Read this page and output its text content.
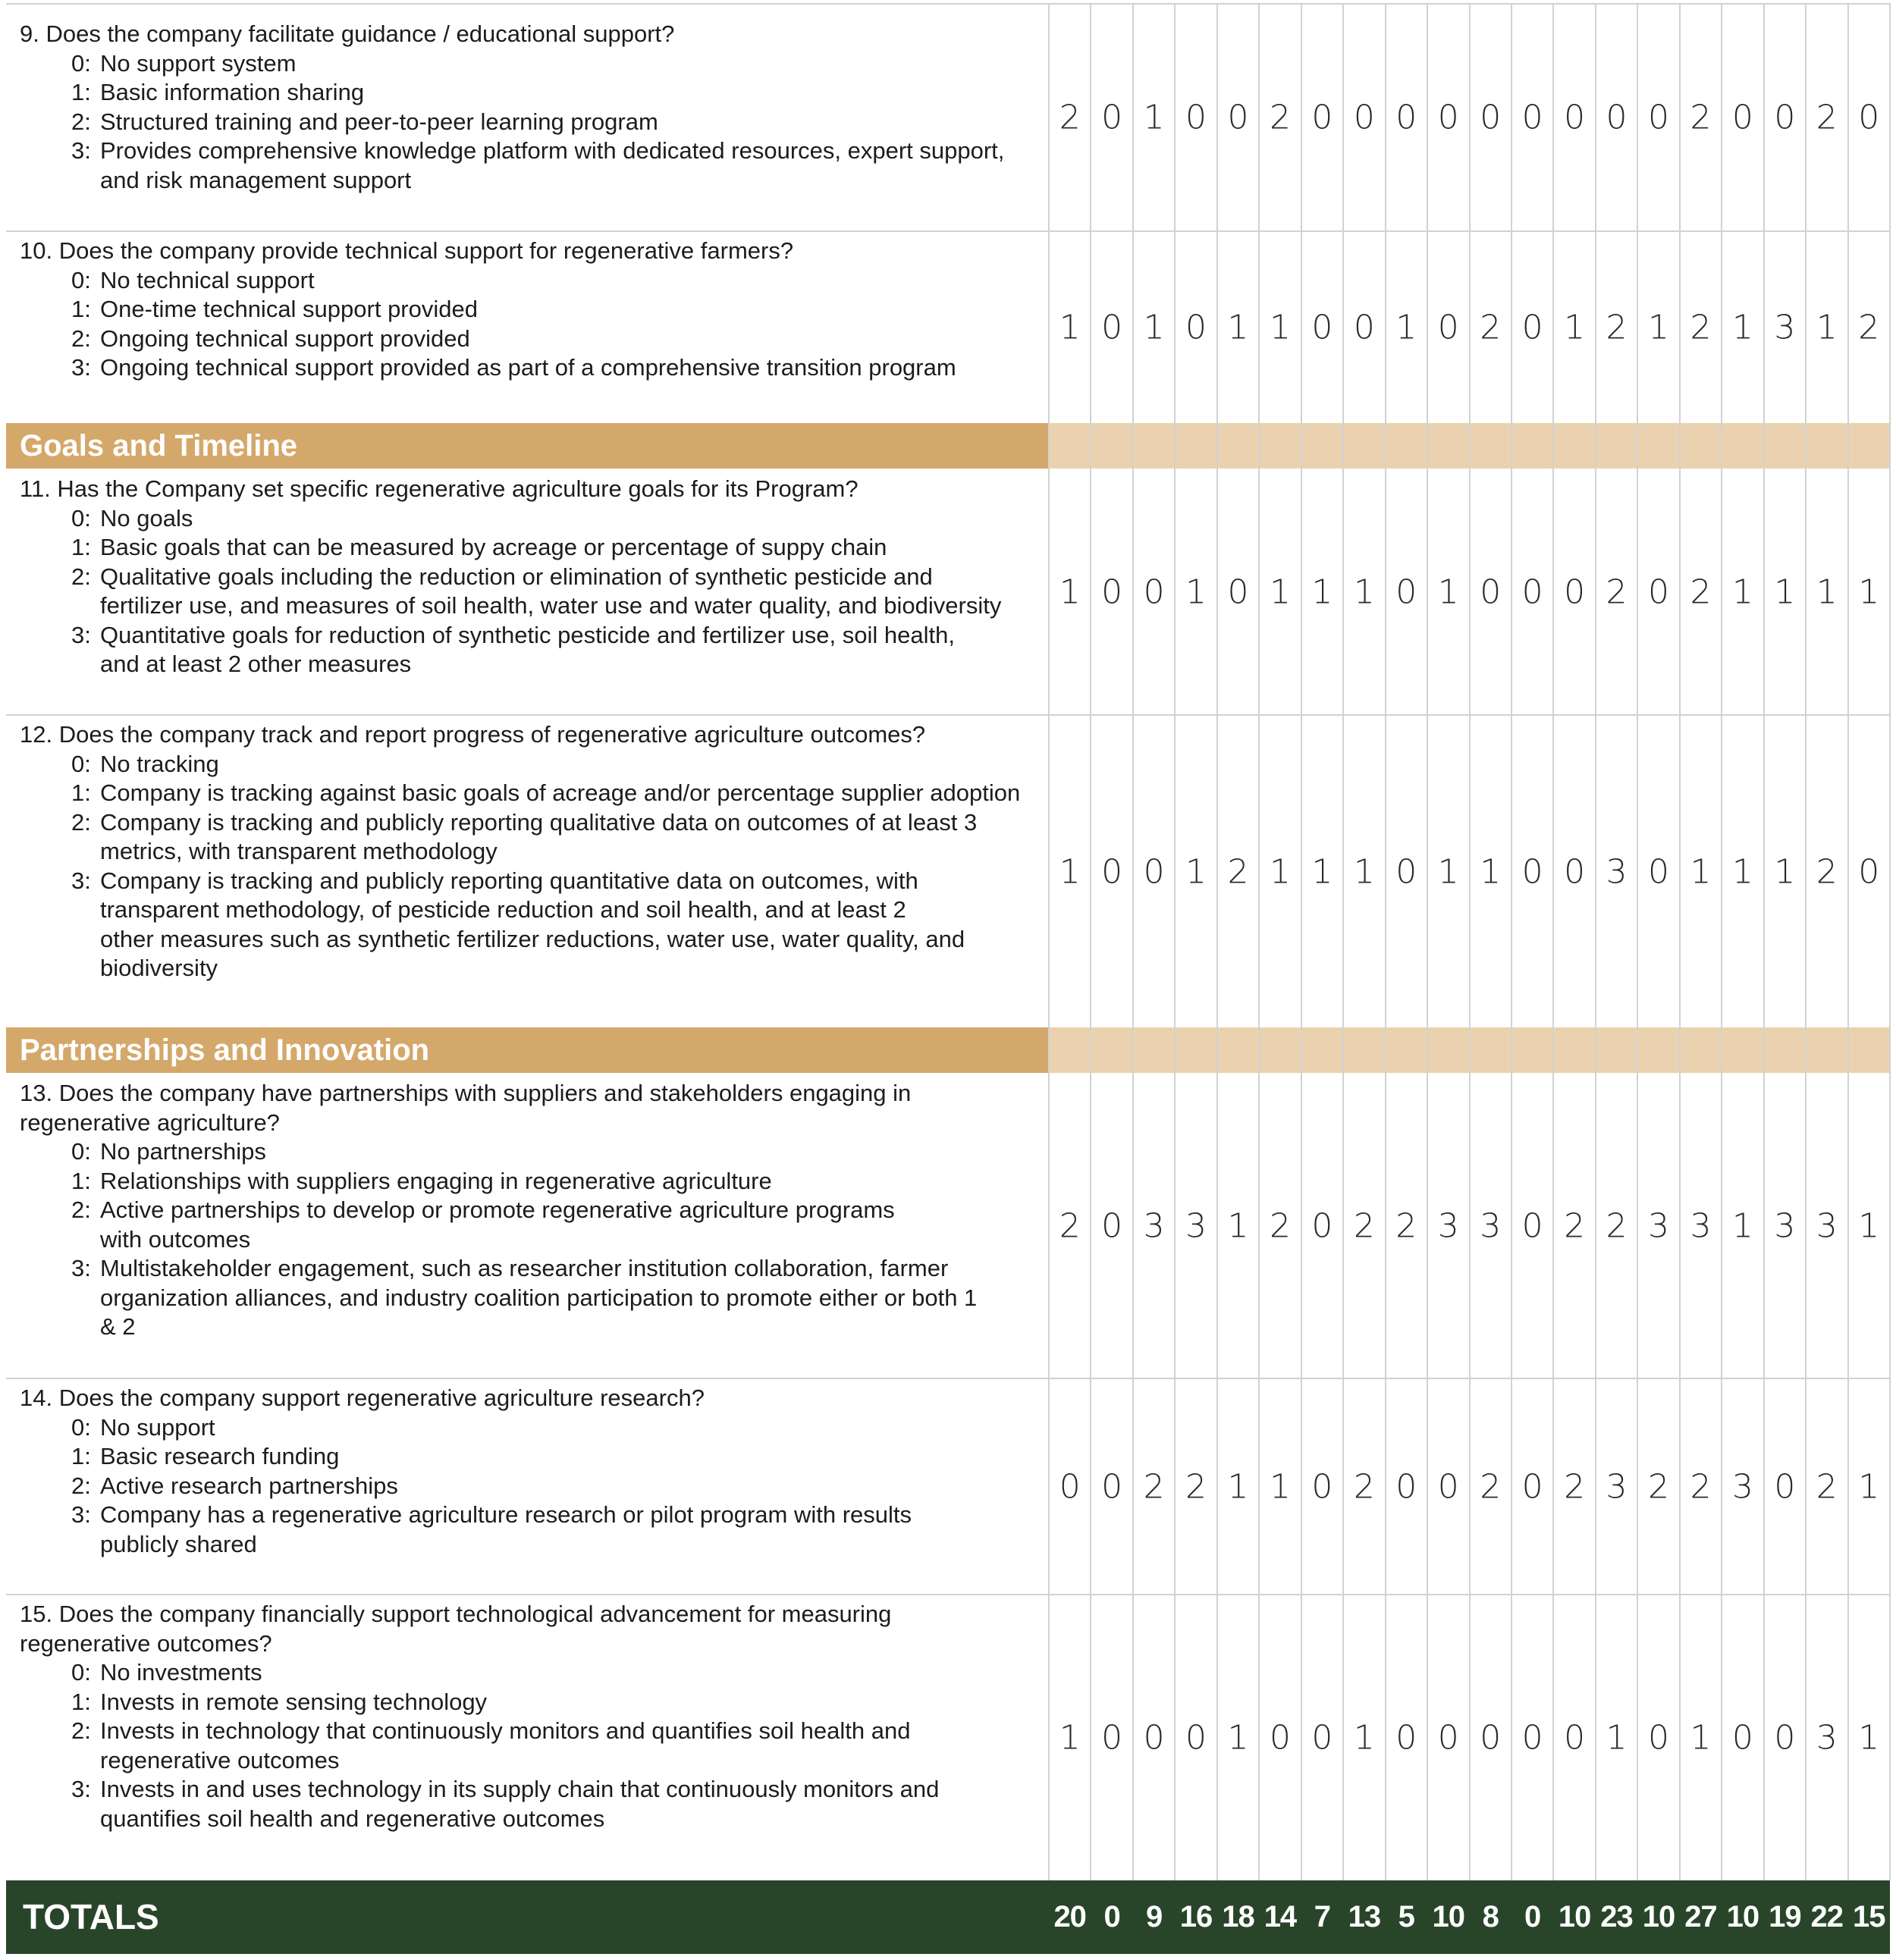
9. Does the company facilitate guidance / educational support?
0: No support system
1: Basic information sharing
2: Structured training and peer-to-peer learning program
3: Provides comprehensive knowledge platform with dedicated resources, expert support, and risk management support
2 0 1 0 0 2 0 0 0 0 0 0 0 0 0 2 0 0 2 0
10. Does the company provide technical support for regenerative farmers?
0: No technical support
1: One-time technical support provided
2: Ongoing technical support provided
3: Ongoing technical support provided as part of a comprehensive transition program
1 0 1 0 1 1 0 0 1 0 2 0 1 2 1 2 1 3 1 2
Goals and Timeline
11. Has the Company set specific regenerative agriculture goals for its Program?
0: No goals
1: Basic goals that can be measured by acreage or percentage of suppy chain
2: Qualitative goals including the reduction or elimination of synthetic pesticide and fertilizer use, and measures of soil health, water use and water quality, and biodiversity
3: Quantitative goals for reduction of synthetic pesticide and fertilizer use, soil health, and at least 2 other measures
1 0 0 1 0 1 1 1 0 1 0 0 0 2 0 2 1 1 1 1
12. Does the company track and report progress of regenerative agriculture outcomes?
0: No tracking
1: Company is tracking against basic goals of acreage and/or percentage supplier adoption
2: Company is tracking and publicly reporting qualitative data on outcomes of at least 3 metrics, with transparent methodology
3: Company is tracking and publicly reporting quantitative data on outcomes, with transparent methodology, of pesticide reduction and soil health, and at least 2 other measures such as synthetic fertilizer reductions, water use, water quality, and biodiversity
1 0 0 1 2 1 1 1 0 1 1 0 0 3 0 1 1 1 2 0
Partnerships and Innovation
13. Does the company have partnerships with suppliers and stakeholders engaging in regenerative agriculture?
0: No partnerships
1: Relationships with suppliers engaging in regenerative agriculture
2: Active partnerships to develop or promote regenerative agriculture programs with outcomes
3: Multistakeholder engagement, such as researcher institution collaboration, farmer organization alliances, and industry coalition participation to promote either or both 1 & 2
2 0 3 3 1 2 0 2 2 3 3 0 2 2 3 3 1 3 3 1
14. Does the company support regenerative agriculture research?
0: No support
1: Basic research funding
2: Active research partnerships
3: Company has a regenerative agriculture research or pilot program with results publicly shared
0 0 2 2 1 1 0 2 0 0 2 0 2 3 2 2 3 0 2 1
15. Does the company financially support technological advancement for measuring regenerative outcomes?
0: No investments
1: Invests in remote sensing technology
2: Invests in technology that continuously monitors and quantifies soil health and regenerative outcomes
3: Invests in and uses technology in its supply chain that continuously monitors and quantifies soil health and regenerative outcomes
1 0 0 0 1 0 0 1 0 0 0 0 0 1 0 1 0 0 3 1
TOTALS	20 0 9 16 18 14 7 13 5 10 8 0 10 23 10 27 10 19 22 15
